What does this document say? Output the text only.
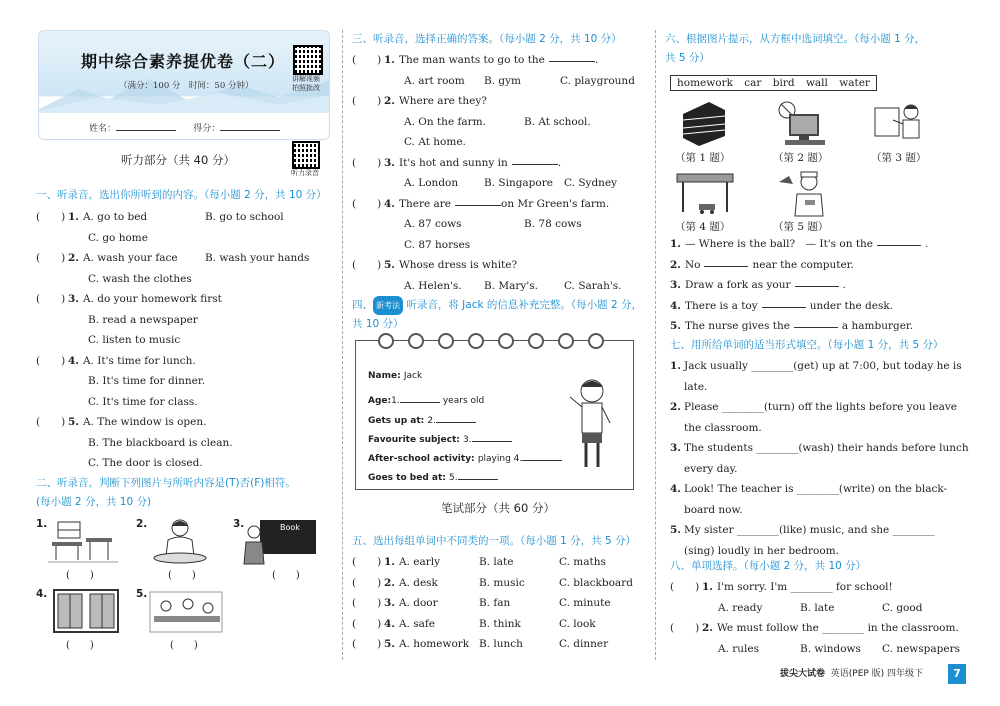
期中综合素养提优卷（二）
（满分：100 分　时间：50 分钟）
姓名：	得分：
讲解视频
拍照批改
听力部分（共 40 分）
听力录音
一、听录音，选出你所听到的内容。（每小题 2 分，共 10 分）
(　　) 1. A. go to bed	B. go to school
C. go home
(　　) 2. A. wash your face	B. wash your hands
C. wash the clothes
(　　) 3. A. do your homework first
B. read a newspaper
C. listen to music
(　　) 4. A. It's time for lunch.
B. It's time for dinner.
C. It's time for class.
(　　) 5. A. The window is open.
B. The blackboard is clean.
C. The door is closed.
二、听录音，判断下列图片与所听内容是(T)否(F)相符。
(每小题 2 分，共 10 分)
1.
(　　)
2.
(　　)
3.	Book
(　　)
4.
(　　)
5.
(　　)
三、听录音，选择正确的答案。（每小题 2 分，共 10 分）
(　　) 1. The man wants to go to the	.
A. art room	B. gym	C. playground
(　　) 2. Where are they?
A. On the farm.	B. At school.
C. At home.
(　　) 3. It's hot and sunny in	.
A. London	B. Singapore	C. Sydney
(　　) 4. There are	on Mr Green's farm.
A. 87 cows	B. 78 cows
C. 87 horses
(　　) 5. Whose dress is white?
A. Helen's.	B. Mary's.	C. Sarah's.
四、 新考法 听录音，将 Jack 的信息补充完整。（每小题 2 分，
共 10 分）
Name: Jack
Age:1.	years old
Gets up at: 2.
Favourite subject: 3.
After-school activity: playing 4.
Goes to bed at: 5.
笔试部分（共 60 分）
五、选出每组单词中不同类的一项。（每小题 1 分，共 5 分）
(　　) 1. A. early	B. late	C. maths
(　　) 2. A. desk	B. music	C. blackboard
(　　) 3. A. door	B. fan	C. minute
(　　) 4. A. safe	B. think	C. look
(　　) 5. A. homework B. lunch	C. dinner
六、根据图片提示，从方框中选词填空。（每小题 1 分，
共 5 分）
homework car bird wall water
（第 1 题）	（第 2 题）	（第 3 题）
（第 4 题）	（第 5 题）
1. — Where is the ball?　— It's on the	.
2. No	near the computer.
3. Draw a fork as your	.
4. There is a toy	under the desk.
5. The nurse gives the	a hamburger.
七、用所给单词的适当形式填空。（每小题 1 分，共 5 分）
1. Jack usually ________(get) up at 7:00, but today he is
late.
2. Please ________(turn) off the lights before you leave
the classroom.
3. The students ________(wash) their hands before lunch
every day.
4. Look! The teacher is ________(write) on the black-
board now.
5. My sister ________(like) music, and she ________
(sing) loudly in her bedroom.
八、单项选择。（每小题 2 分，共 10 分）
(　　) 1. I'm sorry. I'm ________ for school!
A. ready	B. late	C. good
(　　) 2. We must follow the ________ in the classroom.
A. rules	B. windows	C. newspapers
拔尖大试卷 英语(PEP 版) 四年级下	7
